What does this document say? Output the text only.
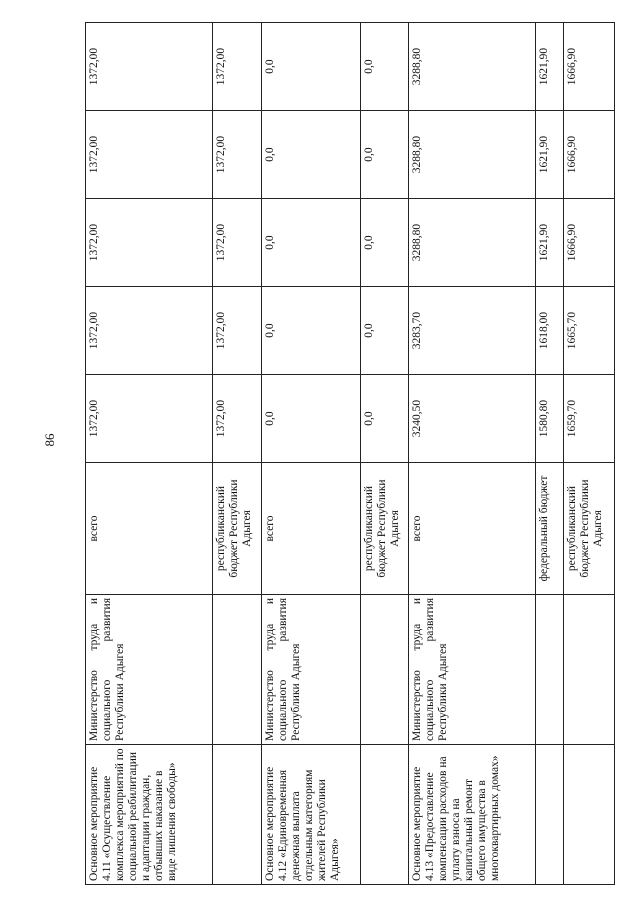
86
Основное мероприятие 4.11 «Осуществление комплекса мероприятий по социальной реабилитации и адаптации граждан, отбывших наказание в виде лишения свободы»	Министерство труда и социального развития Республики Адыгея	всего	1372,00	1372,00	1372,00	1372,00	1372,00
		республиканский бюджет Республики Адыгея	1372,00	1372,00	1372,00	1372,00	1372,00
Основное мероприятие 4.12 «Единовременная денежная выплата отдельным категориям жителей Республики Адыгея»	Министерство труда и социального развития Республики Адыгея	всего	0,0	0,0	0,0	0,0	0,0
		республиканский бюджет Республики Адыгея	0,0	0,0	0,0	0,0	0,0
Основное мероприятие 4.13 «Предоставление компенсации расходов на уплату взноса на капитальный ремонт общего имущества в многоквартирных домах»	Министерство труда и социального развития Республики Адыгея	всего	3240,50	3283,70	3288,80	3288,80	3288,80
		федеральный бюджет	1580,80	1618,00	1621,90	1621,90	1621,90
		республиканский бюджет Республики Адыгея	1659,70	1665,70	1666,90	1666,90	1666,90
